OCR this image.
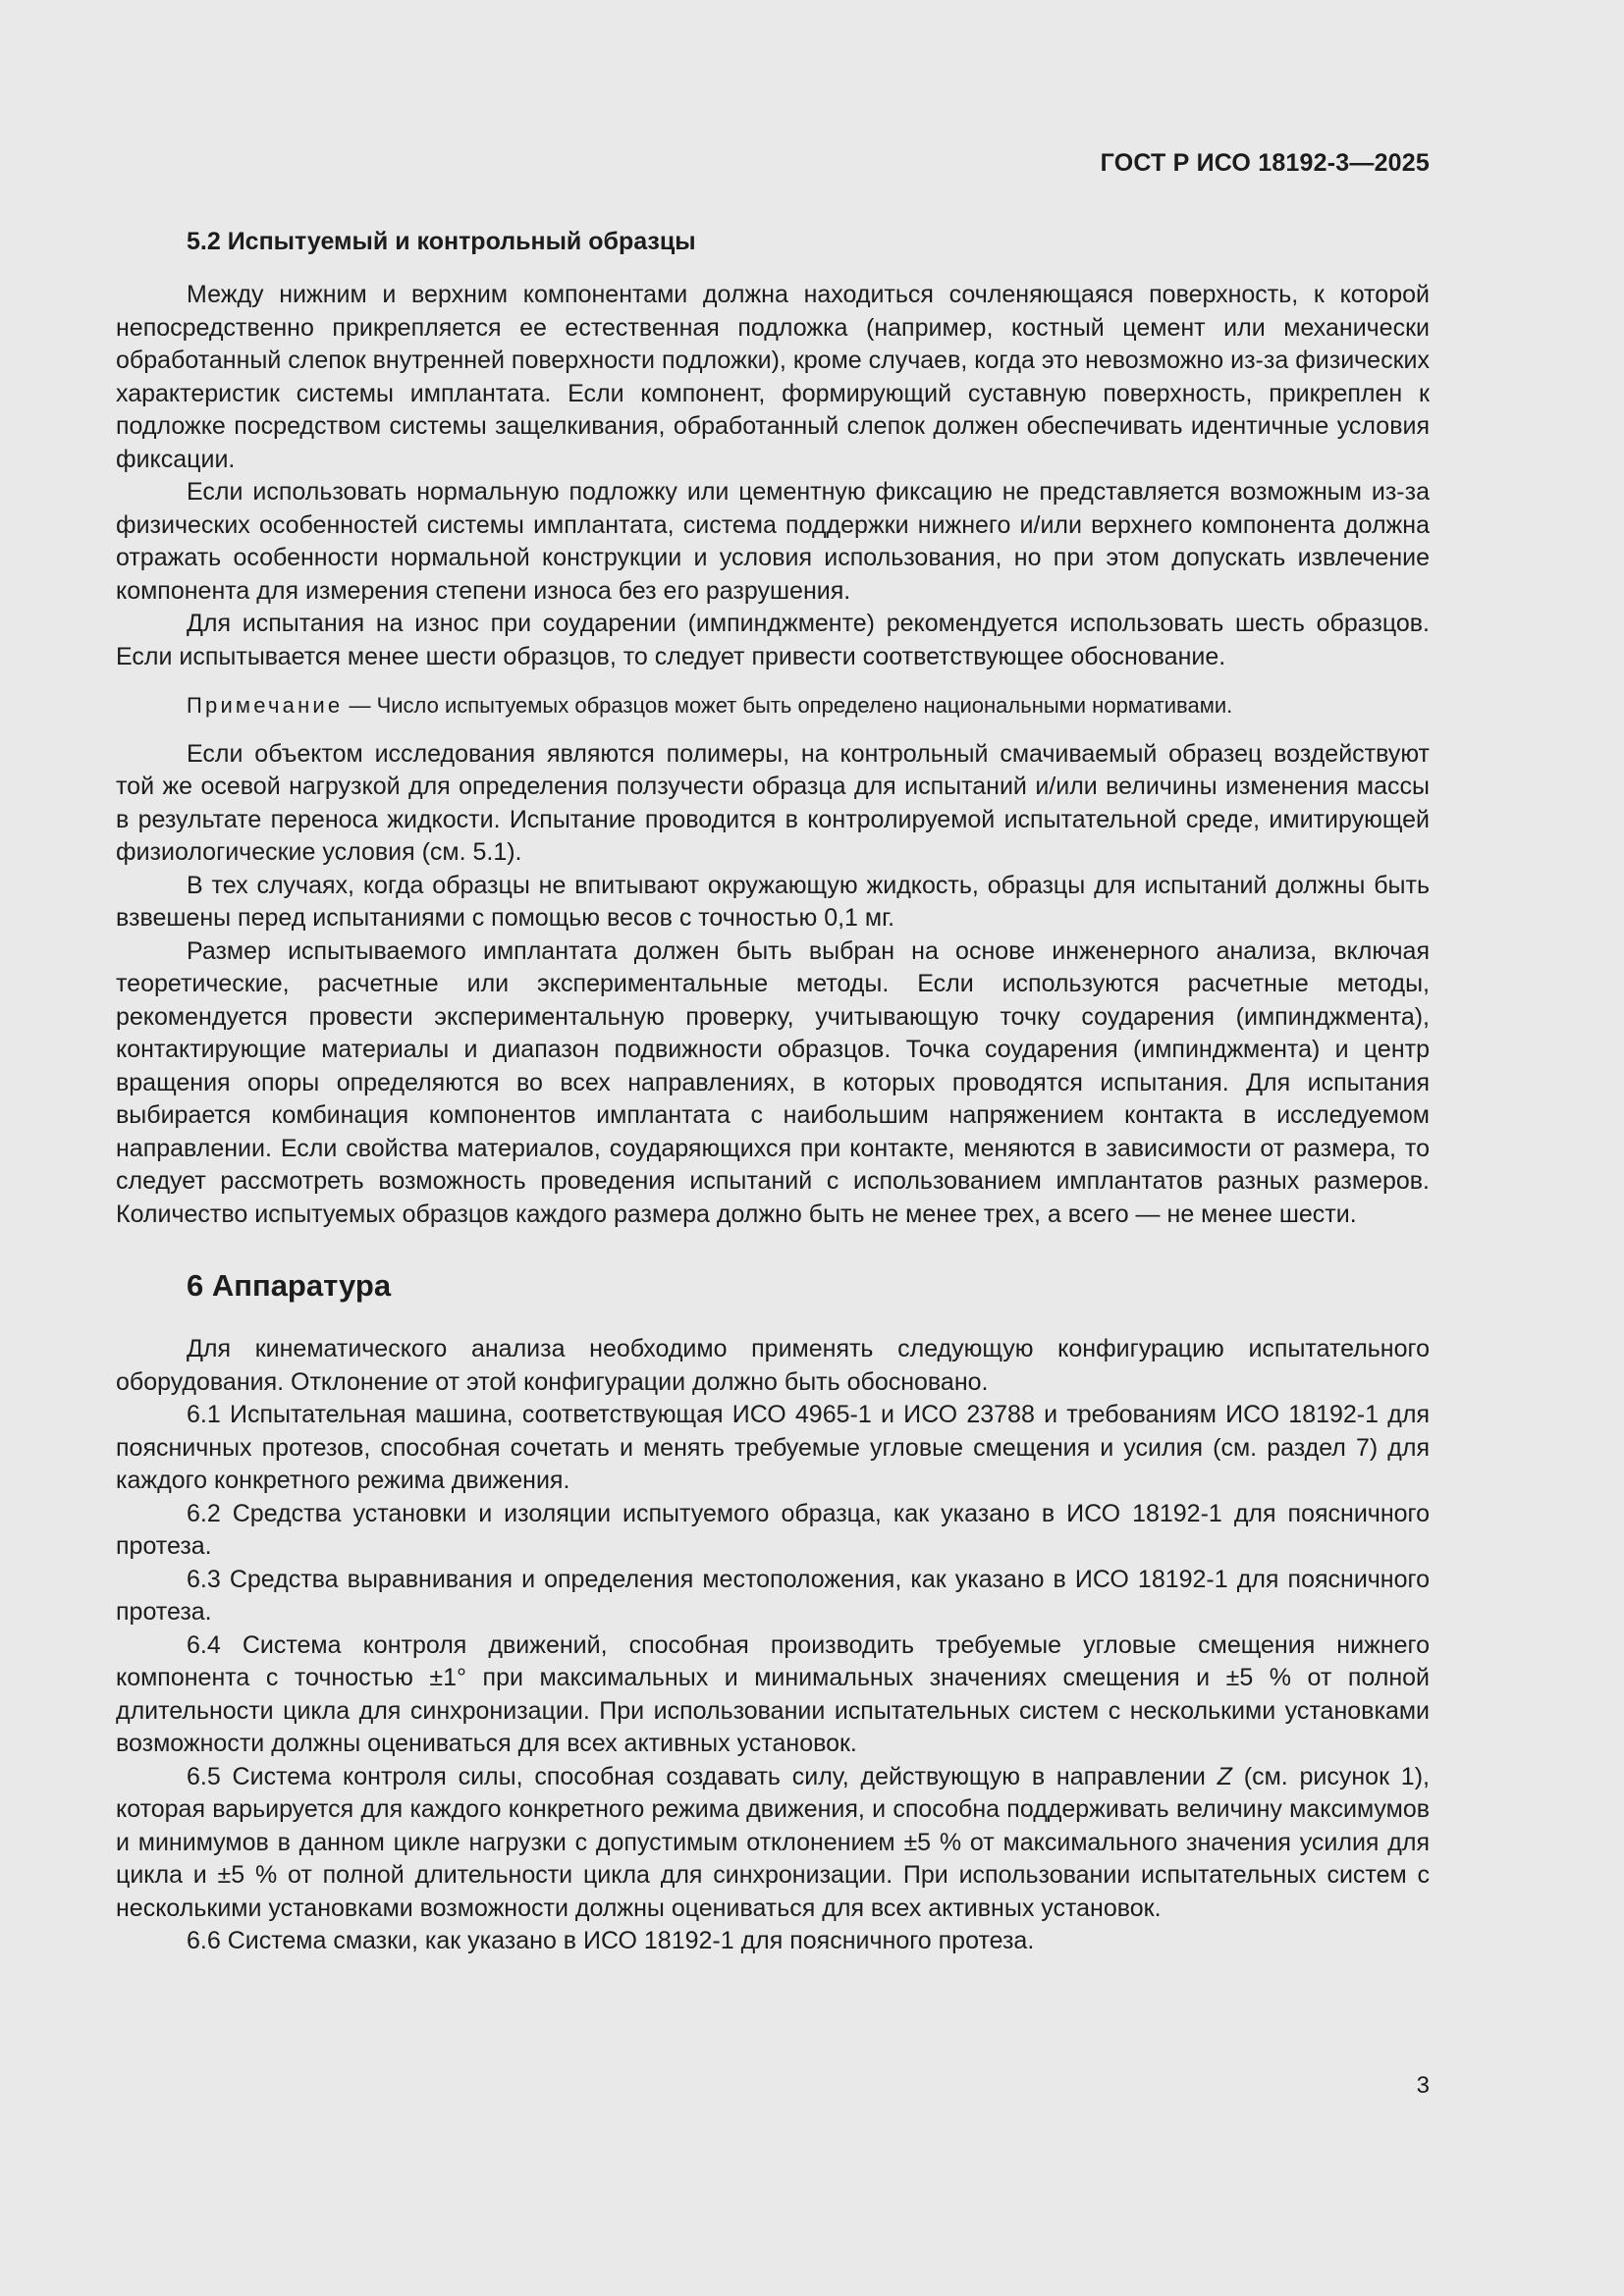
ГОСТ Р ИСО 18192-3—2025
5.2 Испытуемый и контрольный образцы

Между нижним и верхним компонентами должна находиться сочленяющаяся поверхность, к которой непосредственно прикрепляется ее естественная подложка (например, костный цемент или механически обработанный слепок внутренней поверхности подложки), кроме случаев, когда это невозможно из-за физических характеристик системы имплантата. Если компонент, формирующий суставную поверхность, прикреплен к подложке посредством системы защелкивания, обработанный слепок должен обеспечивать идентичные условия фиксации.

Если использовать нормальную подложку или цементную фиксацию не представляется возможным из-за физических особенностей системы имплантата, система поддержки нижнего и/или верхнего компонента должна отражать особенности нормальной конструкции и условия использования, но при этом допускать извлечение компонента для измерения степени износа без его разрушения.

Для испытания на износ при соударении (импинджменте) рекомендуется использовать шесть образцов. Если испытывается менее шести образцов, то следует привести соответствующее обоснование.

Примечание — Число испытуемых образцов может быть определено национальными нормативами.

Если объектом исследования являются полимеры, на контрольный смачиваемый образец воздействуют той же осевой нагрузкой для определения ползучести образца для испытаний и/или величины изменения массы в результате переноса жидкости. Испытание проводится в контролируемой испытательной среде, имитирующей физиологические условия (см. 5.1).

В тех случаях, когда образцы не впитывают окружающую жидкость, образцы для испытаний должны быть взвешены перед испытаниями с помощью весов с точностью 0,1 мг.

Размер испытываемого имплантата должен быть выбран на основе инженерного анализа, включая теоретические, расчетные или экспериментальные методы. Если используются расчетные методы, рекомендуется провести экспериментальную проверку, учитывающую точку соударения (импинджмента), контактирующие материалы и диапазон подвижности образцов. Точка соударения (импинджмента) и центр вращения опоры определяются во всех направлениях, в которых проводятся испытания. Для испытания выбирается комбинация компонентов имплантата с наибольшим напряжением контакта в исследуемом направлении. Если свойства материалов, соударяющихся при контакте, меняются в зависимости от размера, то следует рассмотреть возможность проведения испытаний с использованием имплантатов разных размеров. Количество испытуемых образцов каждого размера должно быть не менее трех, а всего — не менее шести.

6 Аппаратура

Для кинематического анализа необходимо применять следующую конфигурацию испытательного оборудования. Отклонение от этой конфигурации должно быть обосновано.

6.1 Испытательная машина, соответствующая ИСО 4965-1 и ИСО 23788 и требованиям ИСО 18192-1 для поясничных протезов, способная сочетать и менять требуемые угловые смещения и усилия (см. раздел 7) для каждого конкретного режима движения.

6.2 Средства установки и изоляции испытуемого образца, как указано в ИСО 18192-1 для поясничного протеза.

6.3 Средства выравнивания и определения местоположения, как указано в ИСО 18192-1 для поясничного протеза.

6.4 Система контроля движений, способная производить требуемые угловые смещения нижнего компонента с точностью ±1° при максимальных и минимальных значениях смещения и ±5 % от полной длительности цикла для синхронизации. При использовании испытательных систем с несколькими установками возможности должны оцениваться для всех активных установок.

6.5 Система контроля силы, способная создавать силу, действующую в направлении Z (см. рисунок 1), которая варьируется для каждого конкретного режима движения, и способна поддерживать величину максимумов и минимумов в данном цикле нагрузки с допустимым отклонением ±5 % от максимального значения усилия для цикла и ±5 % от полной длительности цикла для синхронизации. При использовании испытательных систем с несколькими установками возможности должны оцениваться для всех активных установок.

6.6 Система смазки, как указано в ИСО 18192-1 для поясничного протеза.

3
